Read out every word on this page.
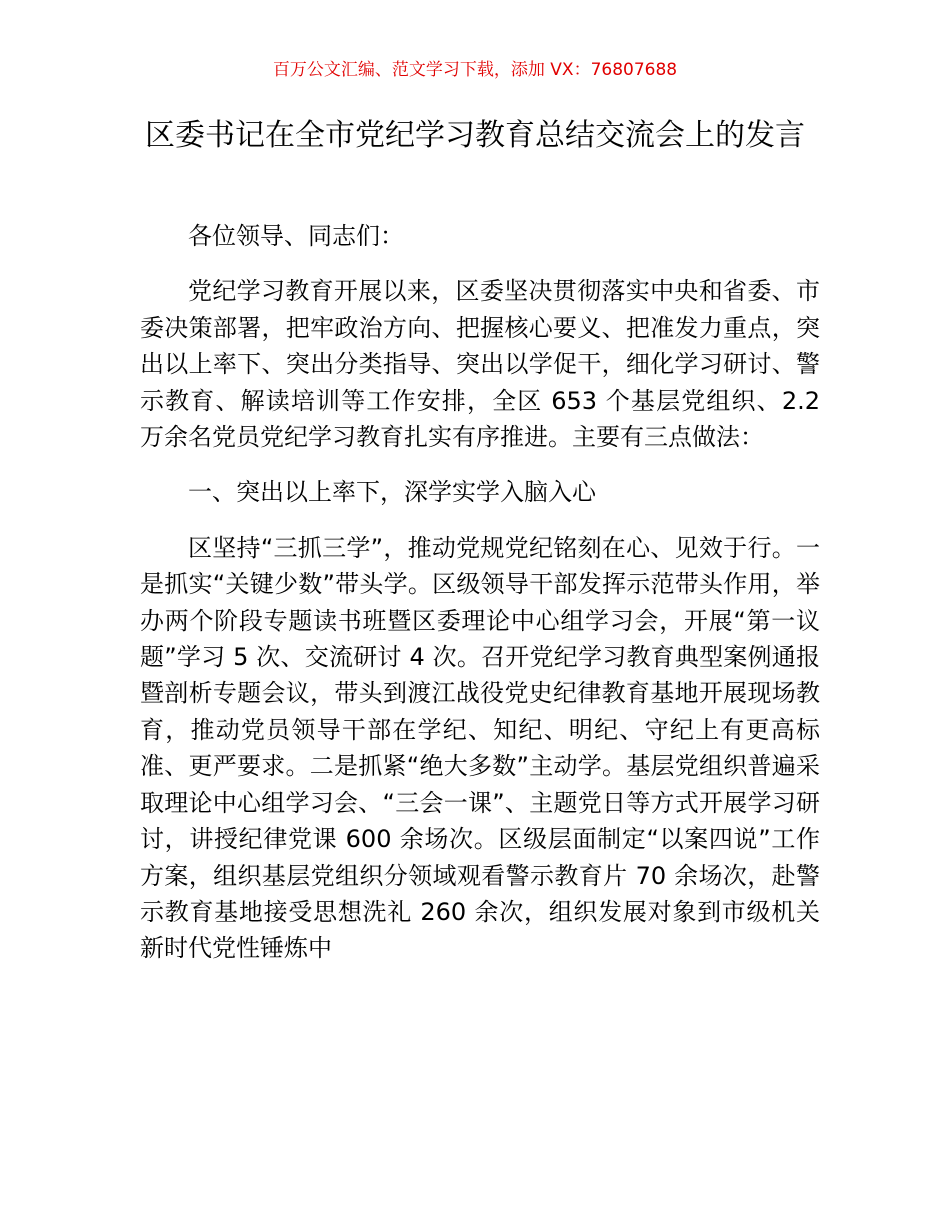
百万公文汇编、范文学习下载，添加 VX：76807688
区委书记在全市党纪学习教育总结交流会上的发言

各位领导、同志们：

党纪学习教育开展以来，区委坚决贯彻落实中央和省委、市委决策部署，把牢政治方向、把握核心要义、把准发力重点，突出以上率下、突出分类指导、突出以学促干，细化学习研讨、警示教育、解读培训等工作安排，全区 653 个基层党组织、2.2 万余名党员党纪学习教育扎实有序推进。主要有三点做法：

一、突出以上率下，深学实学入脑入心

区坚持“三抓三学”，推动党规党纪铭刻在心、见效于行。一是抓实“关键少数”带头学。区级领导干部发挥示范带头作用，举办两个阶段专题读书班暨区委理论中心组学习会，开展“第一议题”学习 5 次、交流研讨 4 次。召开党纪学习教育典型案例通报暨剖析专题会议，带头到渡江战役党史纪律教育基地开展现场教育，推动党员领导干部在学纪、知纪、明纪、守纪上有更高标准、更严要求。二是抓紧“绝大多数”主动学。基层党组织普遍采取理论中心组学习会、“三会一课”、主题党日等方式开展学习研讨，讲授纪律党课 600 余场次。区级层面制定“以案四说”工作方案，组织基层党组织分领域观看警示教育片 70 余场次，赴警示教育基地接受思想洗礼 260 余次，组织发展对象到市级机关新时代党性锤炼中
